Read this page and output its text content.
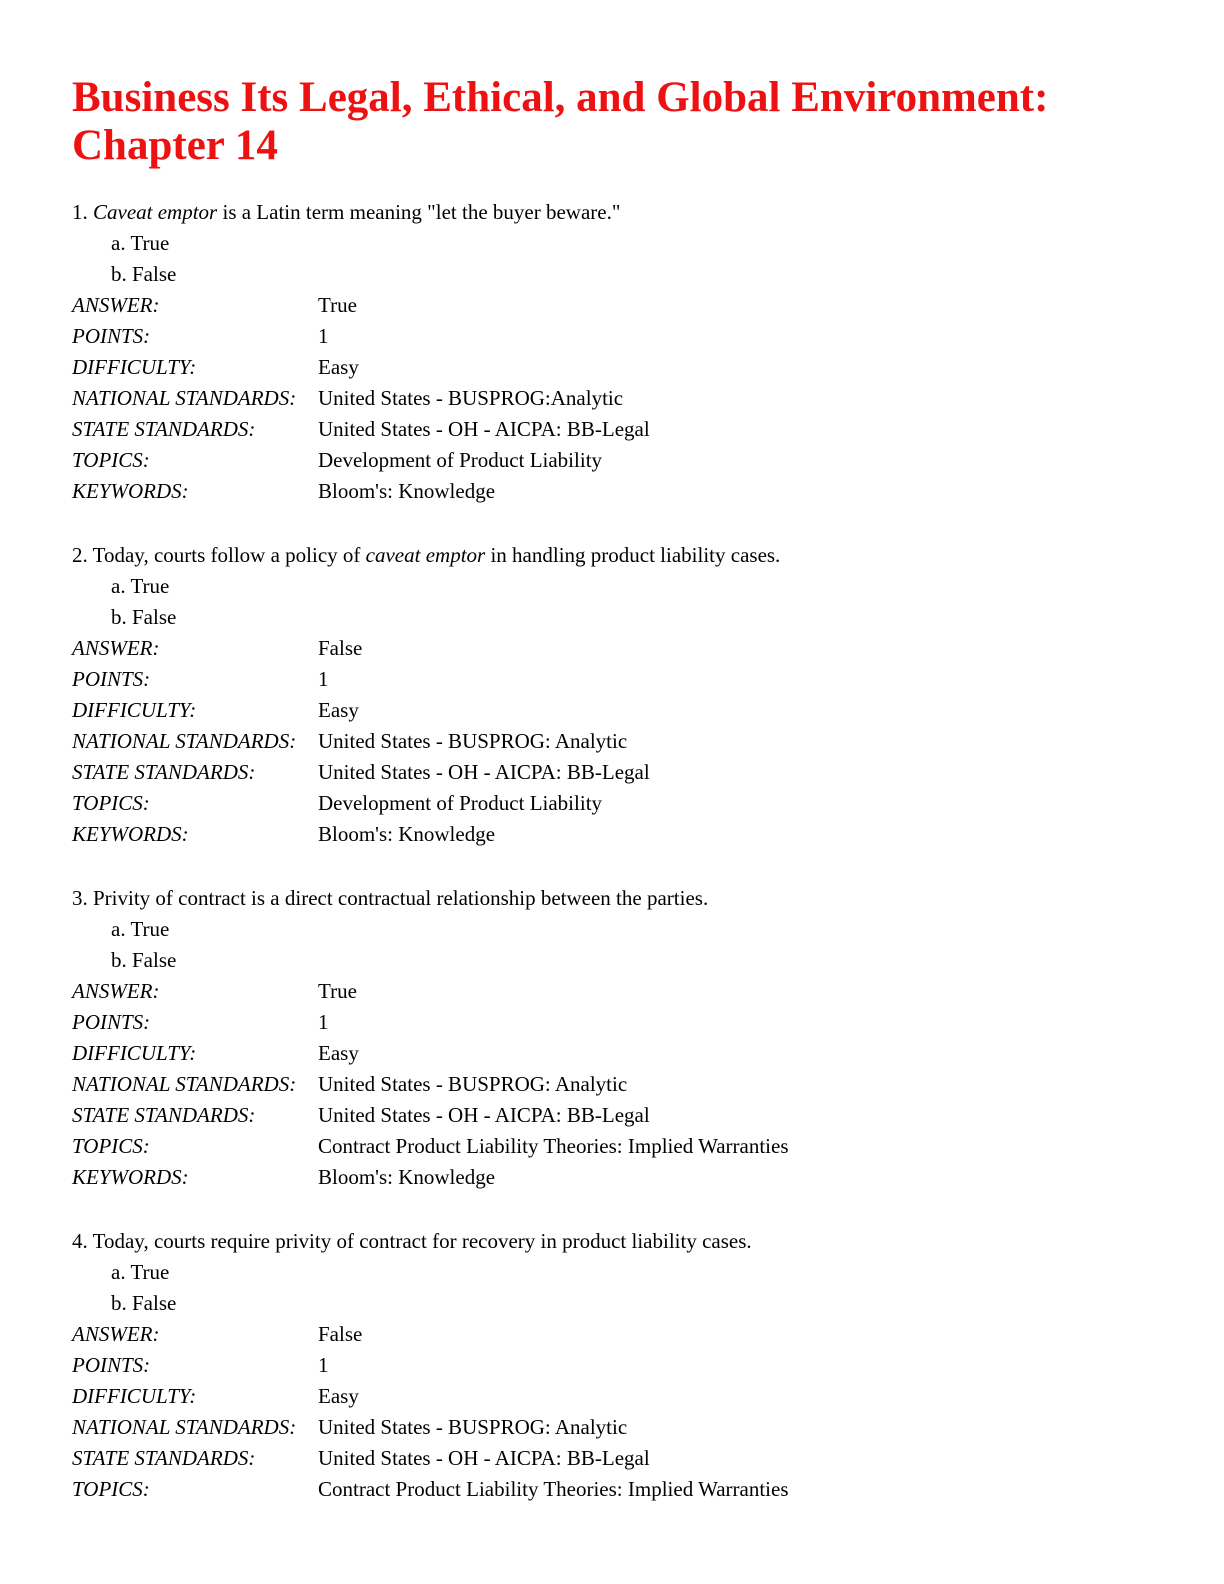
Business Its Legal, Ethical, and Global Environment:
Chapter 14
1. Caveat emptor is a Latin term meaning "let the buyer beware."
a. True
b. False
ANSWER:	True
POINTS:	1
DIFFICULTY:	Easy
NATIONAL STANDARDS:	United States - BUSPROG:Analytic
STATE STANDARDS:	United States - OH - AICPA: BB-Legal
TOPICS:	Development of Product Liability
KEYWORDS:	Bloom's: Knowledge
2. Today, courts follow a policy of caveat emptor in handling product liability cases.
a. True
b. False
ANSWER:	False
POINTS:	1
DIFFICULTY:	Easy
NATIONAL STANDARDS:	United States - BUSPROG: Analytic
STATE STANDARDS:	United States - OH - AICPA: BB-Legal
TOPICS:	Development of Product Liability
KEYWORDS:	Bloom's: Knowledge
3. Privity of contract is a direct contractual relationship between the parties.
a. True
b. False
ANSWER:	True
POINTS:	1
DIFFICULTY:	Easy
NATIONAL STANDARDS:	United States - BUSPROG: Analytic
STATE STANDARDS:	United States - OH - AICPA: BB-Legal
TOPICS:	Contract Product Liability Theories: Implied Warranties
KEYWORDS:	Bloom's: Knowledge
4. Today, courts require privity of contract for recovery in product liability cases.
a. True
b. False
ANSWER:	False
POINTS:	1
DIFFICULTY:	Easy
NATIONAL STANDARDS:	United States - BUSPROG: Analytic
STATE STANDARDS:	United States - OH - AICPA: BB-Legal
TOPICS:	Contract Product Liability Theories: Implied Warranties
